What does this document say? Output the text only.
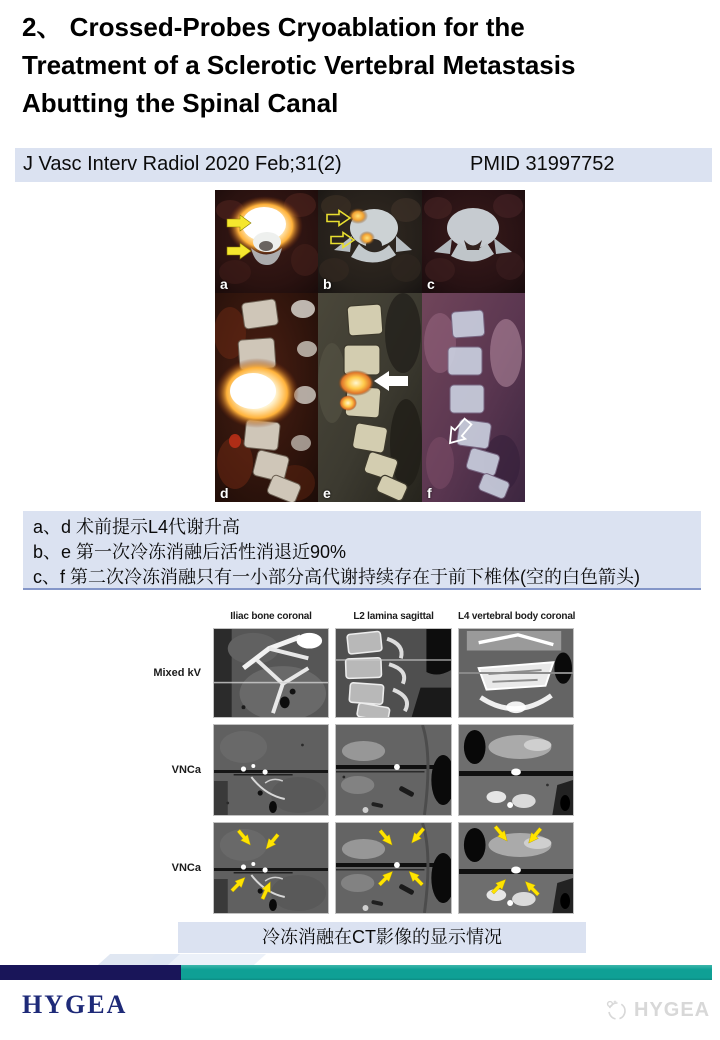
2、 Crossed-Probes Cryoablation for the
Treatment of a Sclerotic Vertebral Metastasis
Abutting the Spinal Canal
J Vasc Interv Radiol 2020 Feb;31(2)	PMID 31997752
a	b	c
d	e	f
a、d 术前提示L4代谢升高
b、e 第一次冷冻消融后活性消退近90%
c、f 第二次冷冻消融只有一小部分高代谢持续存在于前下椎体(空的白色箭头)
Iliac bone coronal	L2 lamina sagittal	L4 vertebral body coronal
Mixed kV
VNCa
VNCa
冷冻消融在CT影像的显示情况
HYGEA	HYGEA
